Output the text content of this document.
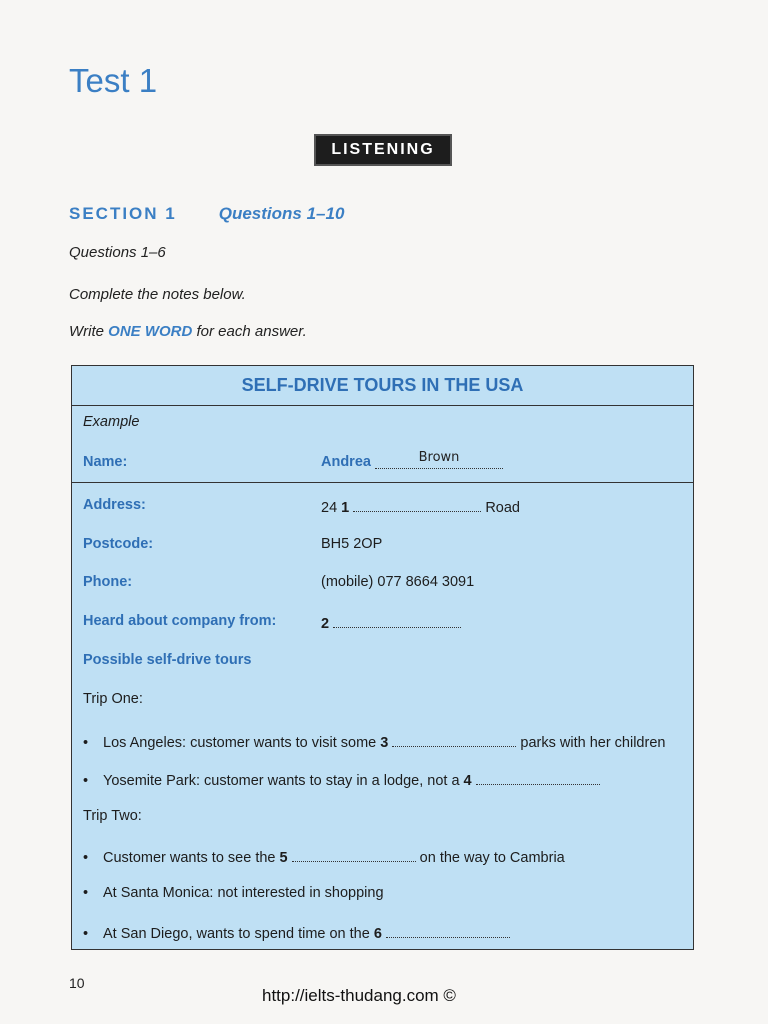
Test 1
LISTENING
SECTION 1 Questions 1–10
Questions 1–6
Complete the notes below.
Write ONE WORD for each answer.
SELF-DRIVE TOURS IN THE USA
Example
Name:	Andrea	Brown
Address:	24 1	Road
Postcode:	BH5 2OP
Phone:	(mobile) 077 8664 3091
Heard about company from:	2
Possible self-drive tours
Trip One:
• Los Angeles: customer wants to visit some 3	parks with her children
• Yosemite Park: customer wants to stay in a lodge, not a 4
Trip Two:
• Customer wants to see the 5	on the way to Cambria
• At Santa Monica: not interested in shopping
• At San Diego, wants to spend time on the 6
10
http://ielts-thudang.com ©
